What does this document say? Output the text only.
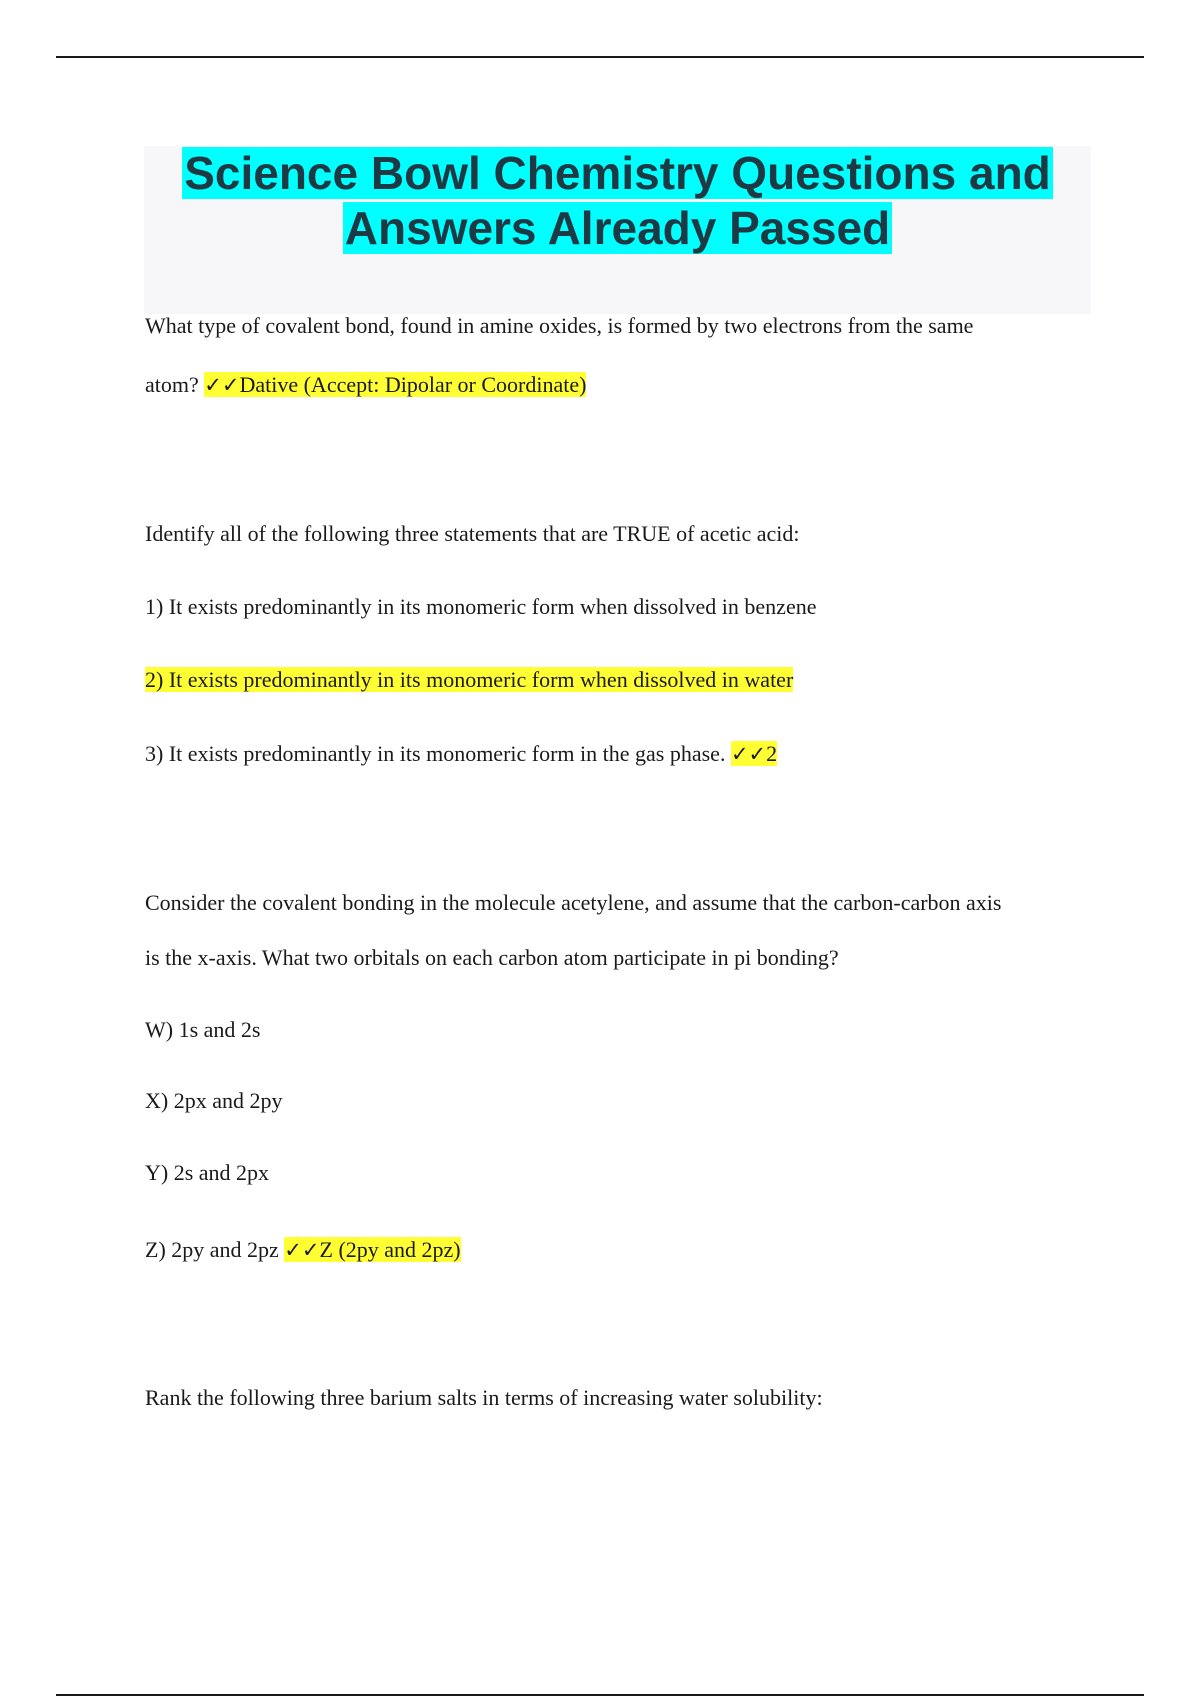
Science Bowl Chemistry Questions and
Answers Already Passed
What type of covalent bond, found in amine oxides, is formed by two electrons from the same
atom? ✓✓Dative (Accept: Dipolar or Coordinate)
Identify all of the following three statements that are TRUE of acetic acid:
1) It exists predominantly in its monomeric form when dissolved in benzene
2) It exists predominantly in its monomeric form when dissolved in water
3) It exists predominantly in its monomeric form in the gas phase. ✓✓2
Consider the covalent bonding in the molecule acetylene, and assume that the carbon-carbon axis
is the x-axis. What two orbitals on each carbon atom participate in pi bonding?
W) 1s and 2s
X) 2px and 2py
Y) 2s and 2px
Z) 2py and 2pz ✓✓Z (2py and 2pz)
Rank the following three barium salts in terms of increasing water solubility:
